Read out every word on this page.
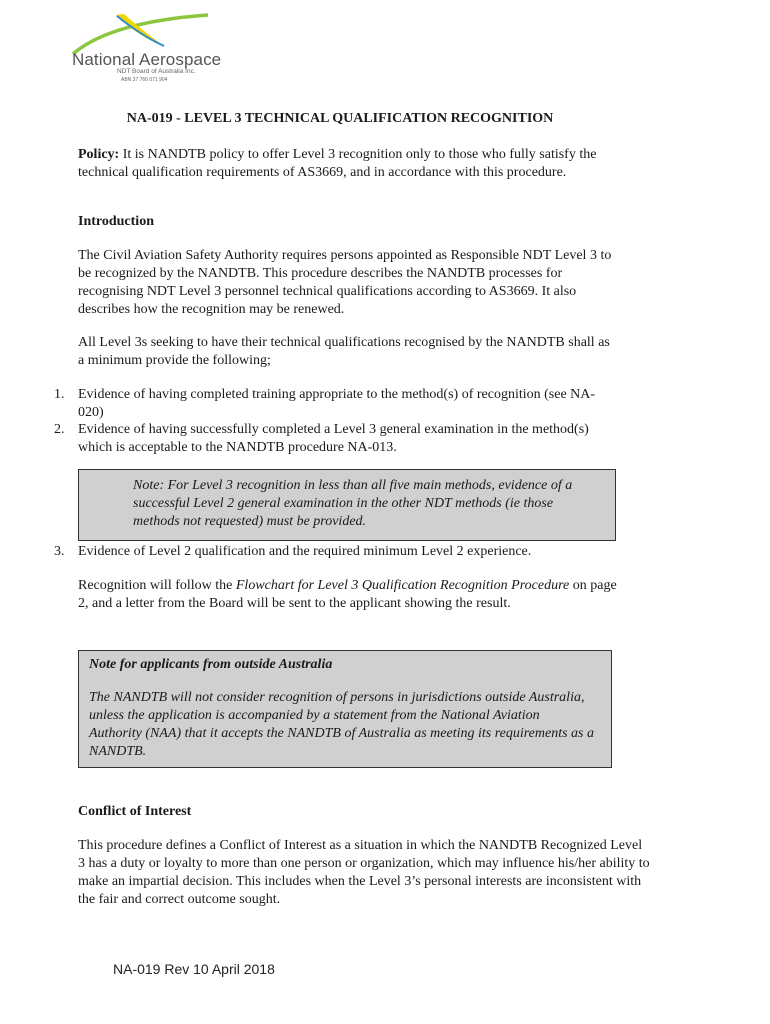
National Aerospace
NDT Board of Australia Inc.
ABN 37 760 071 904
NA-019 - LEVEL 3 TECHNICAL QUALIFICATION RECOGNITION

Policy: It is NANDTB policy to offer Level 3 recognition only to those who fully satisfy the technical qualification requirements of AS3669, and in accordance with this procedure.

Introduction

The Civil Aviation Safety Authority requires persons appointed as Responsible NDT Level 3 to be recognized by the NANDTB. This procedure describes the NANDTB processes for recognising NDT Level 3 personnel technical qualifications according to AS3669. It also describes how the recognition may be renewed.

All Level 3s seeking to have their technical qualifications recognised by the NANDTB shall as a minimum provide the following;

1. Evidence of having completed training appropriate to the method(s) of recognition (see NA-020)
2. Evidence of having successfully completed a Level 3 general examination in the method(s) which is acceptable to the NANDTB procedure NA-013.
Note: For Level 3 recognition in less than all five main methods, evidence of a successful Level 2 general examination in the other NDT methods (ie those methods not requested) must be provided.
3. Evidence of Level 2 qualification and the required minimum Level 2 experience.

Recognition will follow the Flowchart for Level 3 Qualification Recognition Procedure on page 2, and a letter from the Board will be sent to the applicant showing the result.

Note for applicants from outside Australia
The NANDTB will not consider recognition of persons in jurisdictions outside Australia, unless the application is accompanied by a statement from the National Aviation Authority (NAA) that it accepts the NANDTB of Australia as meeting its requirements as a NANDTB.
Conflict of Interest

This procedure defines a Conflict of Interest as a situation in which the NANDTB Recognized Level 3 has a duty or loyalty to more than one person or organization, which may influence his/her ability to make an impartial decision. This includes when the Level 3’s personal interests are inconsistent with the fair and correct outcome sought.

NA-019 Rev 10 April 2018
